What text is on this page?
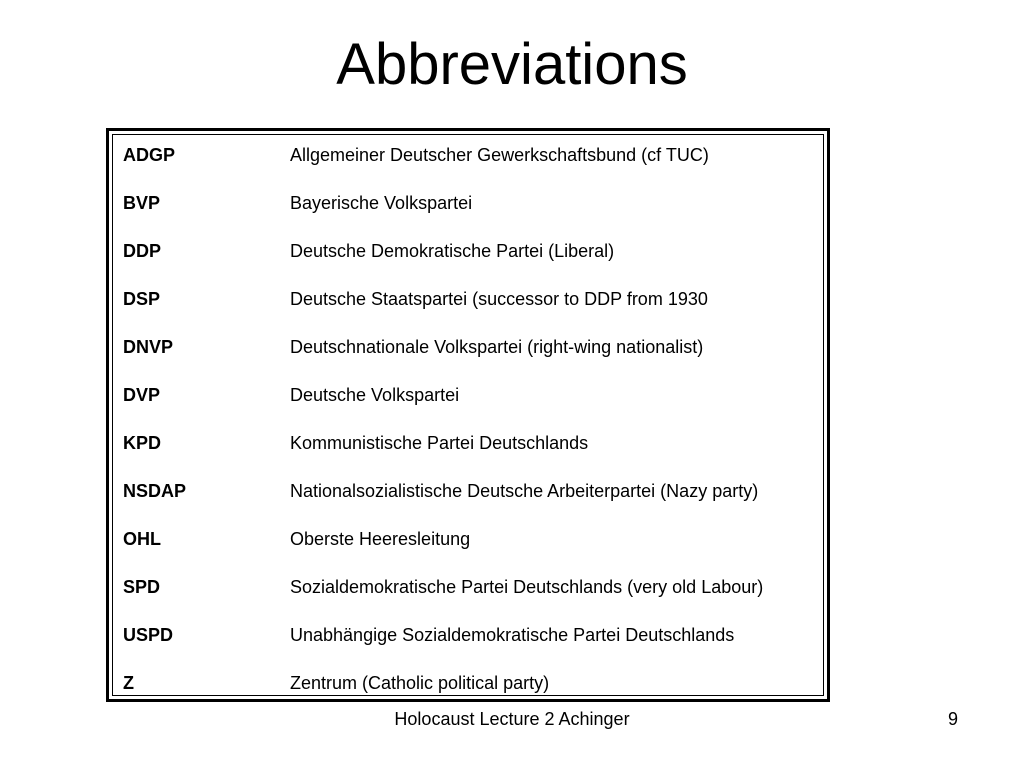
Abbreviations
ADGP	Allgemeiner Deutscher Gewerkschaftsbund (cf TUC)
BVP	Bayerische Volkspartei
DDP	Deutsche Demokratische Partei (Liberal)
DSP	Deutsche Staatspartei (successor to DDP from 1930
DNVP	Deutschnationale Volkspartei (right-wing nationalist)
DVP	Deutsche Volkspartei
KPD	Kommunistische Partei Deutschlands
NSDAP	Nationalsozialistische Deutsche Arbeiterpartei (Nazy party)
OHL	Oberste Heeresleitung
SPD	Sozialdemokratische Partei Deutschlands (very old Labour)
USPD	Unabhängige Sozialdemokratische Partei Deutschlands
Z	Zentrum (Catholic political party)
Holocaust Lecture 2 Achinger	9
